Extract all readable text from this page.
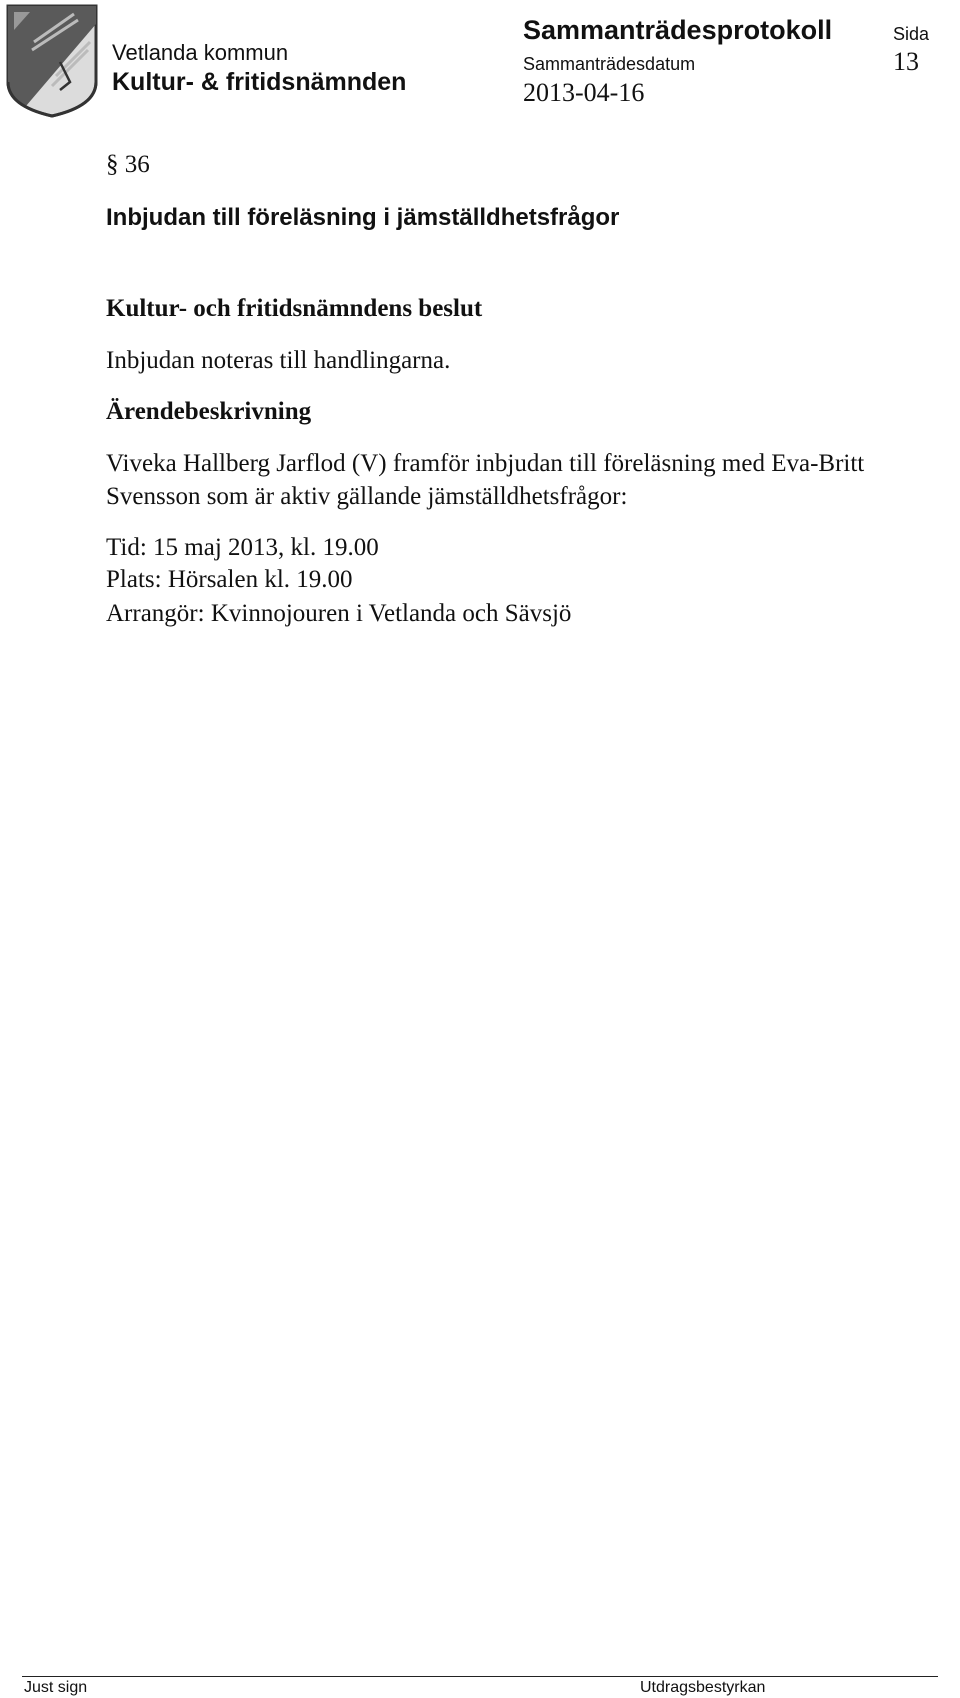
Vetlanda kommun
Kultur- & fritidsnämnden
Sammanträdesprotokoll
Sammanträdesdatum
2013-04-16
Sida
13
§ 36
Inbjudan till föreläsning i jämställdhetsfrågor
Kultur- och fritidsnämndens beslut
Inbjudan noteras till handlingarna.
Ärendebeskrivning
Viveka Hallberg Jarflod (V) framför inbjudan till föreläsning med Eva-Britt
Svensson som är aktiv gällande jämställdhetsfrågor:
Tid: 15 maj 2013, kl. 19.00
Plats: Hörsalen kl. 19.00
Arrangör: Kvinnojouren i Vetlanda och Sävsjö
Just sign	Utdragsbestyrkan
